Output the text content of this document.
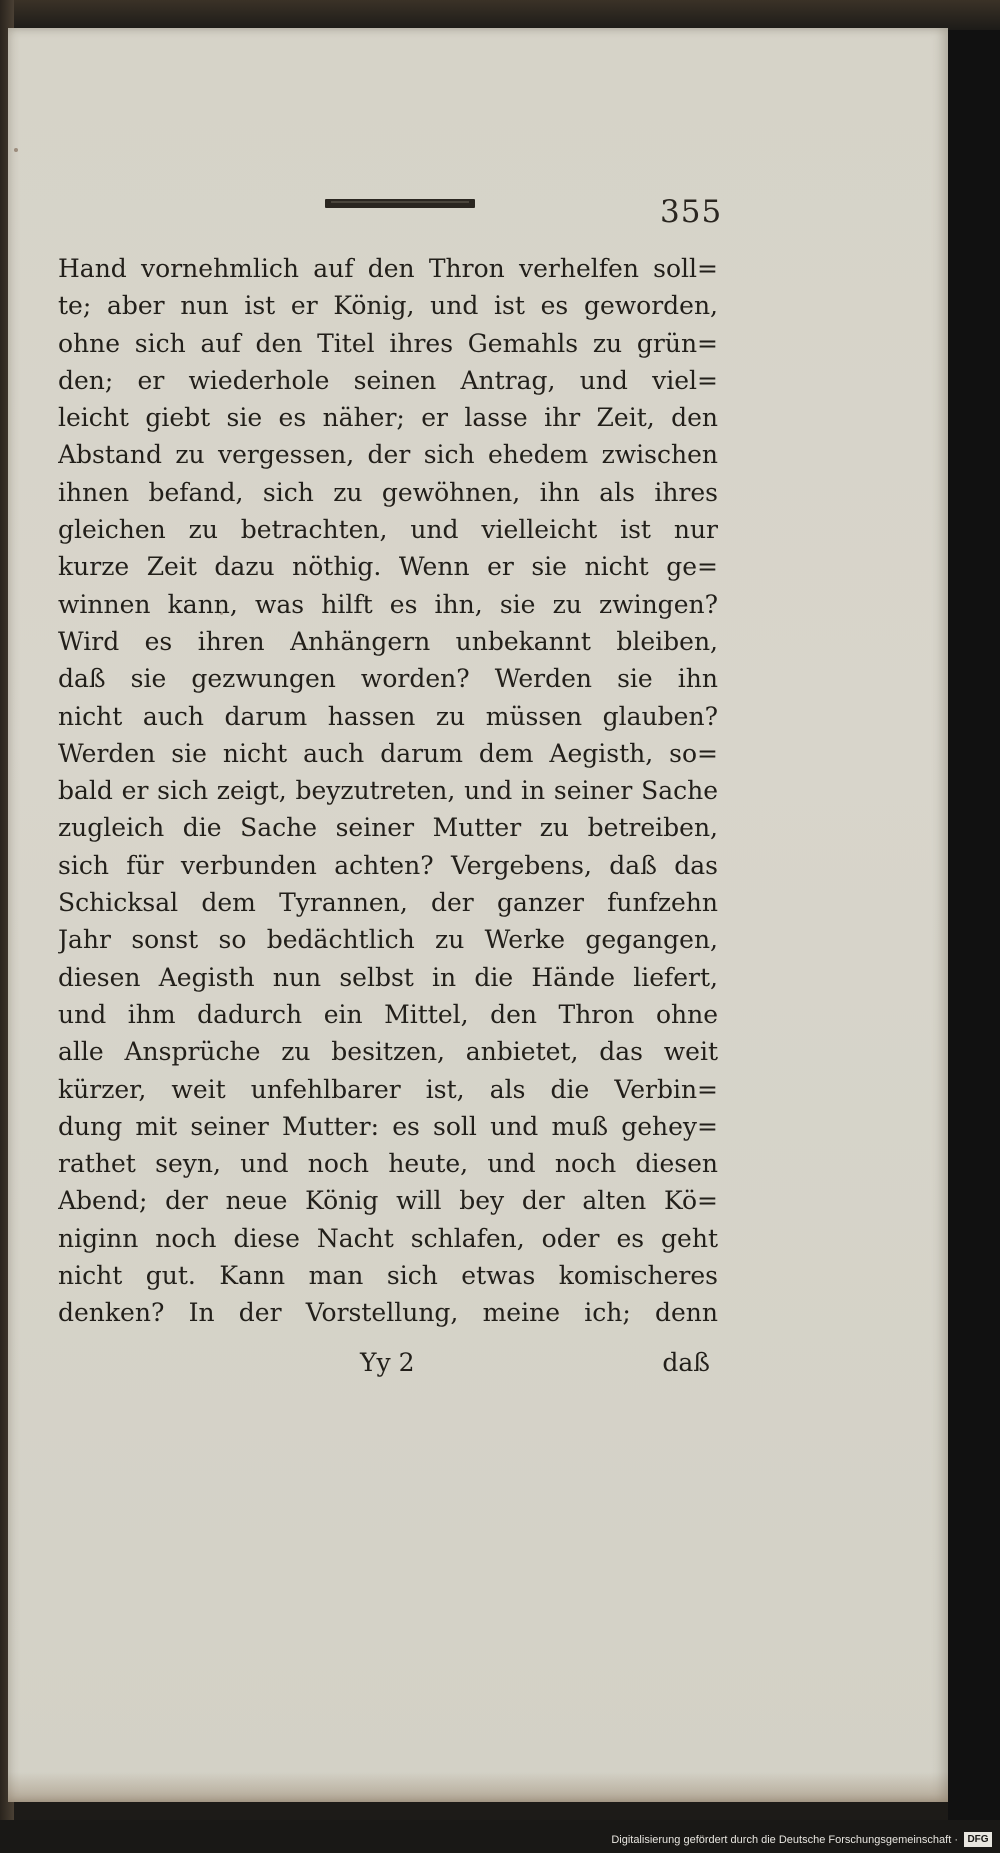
355
Hand vornehmlich auf den Thron verhelfen soll=
te; aber nun ist er König, und ist es geworden,
ohne sich auf den Titel ihres Gemahls zu grün=
den; er wiederhole seinen Antrag, und viel=
leicht giebt sie es näher; er lasse ihr Zeit, den
Abstand zu vergessen, der sich ehedem zwischen
ihnen befand, sich zu gewöhnen, ihn als ihres
gleichen zu betrachten, und vielleicht ist nur
kurze Zeit dazu nöthig. Wenn er sie nicht ge=
winnen kann, was hilft es ihn, sie zu zwingen?
Wird es ihren Anhängern unbekannt bleiben,
daß sie gezwungen worden? Werden sie ihn
nicht auch darum hassen zu müssen glauben?
Werden sie nicht auch darum dem Aegisth, so=
bald er sich zeigt, beyzutreten, und in seiner Sache
zugleich die Sache seiner Mutter zu betreiben,
sich für verbunden achten? Vergebens, daß das
Schicksal dem Tyrannen, der ganzer funfzehn
Jahr sonst so bedächtlich zu Werke gegangen,
diesen Aegisth nun selbst in die Hände liefert,
und ihm dadurch ein Mittel, den Thron ohne
alle Ansprüche zu besitzen, anbietet, das weit
kürzer, weit unfehlbarer ist, als die Verbin=
dung mit seiner Mutter: es soll und muß gehey=
rathet seyn, und noch heute, und noch diesen
Abend; der neue König will bey der alten Kö=
niginn noch diese Nacht schlafen, oder es geht
nicht gut. Kann man sich etwas komischeres
denken? In der Vorstellung, meine ich; denn
Yy 2	daß
Digitalisierung gefördert durch die Deutsche Forschungsgemeinschaft · DFG
